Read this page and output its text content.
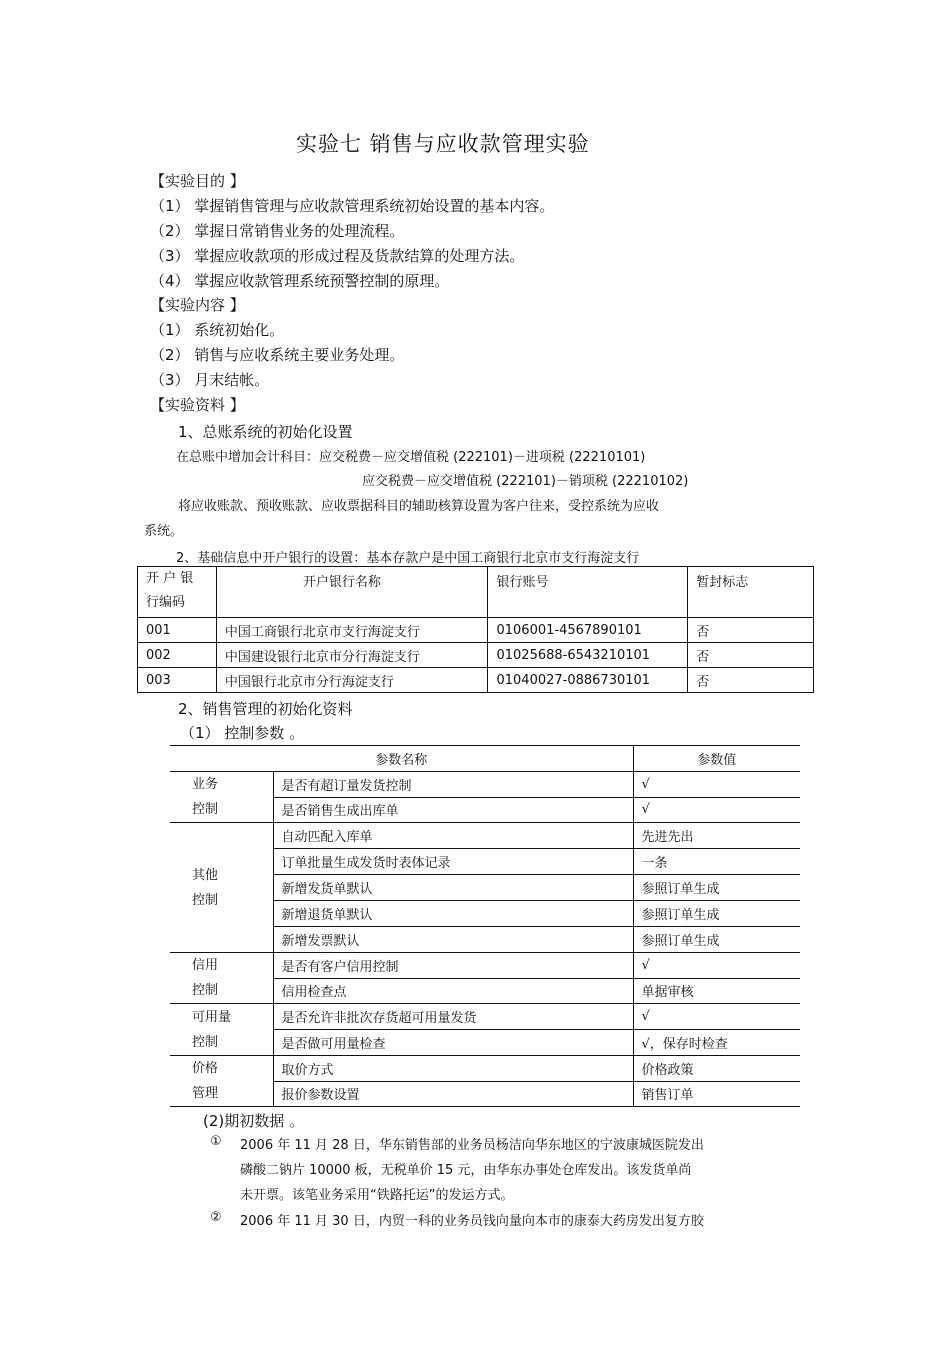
实验七 销售与应收款管理实验
【实验目的 】
（1） 掌握销售管理与应收款管理系统初始设置的基本内容。
（2） 掌握日常销售业务的处理流程。
（3） 掌握应收款项的形成过程及货款结算的处理方法。
（4） 掌握应收款管理系统预警控制的原理。
【实验内容 】
（1） 系统初始化。
（2） 销售与应收系统主要业务处理。
（3） 月末结帐。
【实验资料 】
1、总账系统的初始化设置
在总账中增加会计科目：应交税费－应交增值税 (222101)－进项税 (22210101)
应交税费－应交增值税 (222101)－销项税 (22210102)
将应收账款、预收账款、应收票据科目的辅助核算设置为客户往来，受控系统为应收
系统。
2、基础信息中开户银行的设置：基本存款户是中国工商银行北京市支行海淀支行
开 户 银 行编码	开户银行名称	银行账号	暂封标志
001	中国工商银行北京市支行海淀支行	0106001-4567890101	否
002	中国建设银行北京市分行海淀支行	01025688-6543210101	否
003	中国银行北京市分行海淀支行	01040027-0886730101	否
2、销售管理的初始化资料
（1） 控制参数 。
参数名称		参数值
业务控制	是否有超订量发货控制	√
	是否销售生成出库单	√
其他控制	自动匹配入库单	先进先出
	订单批量生成发货时表体记录	一条
	新增发货单默认	参照订单生成
	新增退货单默认	参照订单生成
	新增发票默认	参照订单生成
信用控制	是否有客户信用控制	√
	信用检查点	单据审核
可用量控制	是否允许非批次存货超可用量发货	√
	是否做可用量检查	√，保存时检查
价格管理	取价方式	价格政策
	报价参数设置	销售订单
(2)期初数据 。
① 2006 年 11 月 28 日，华东销售部的业务员杨洁向华东地区的宁波康城医院发出
磷酸二钠片 10000 板，无税单价 15 元，由华东办事处仓库发出。该发货单尚
未开票。该笔业务采用“铁路托运”的发运方式。
② 2006 年 11 月 30 日，内贸一科的业务员钱向量向本市的康泰大药房发出复方胶
